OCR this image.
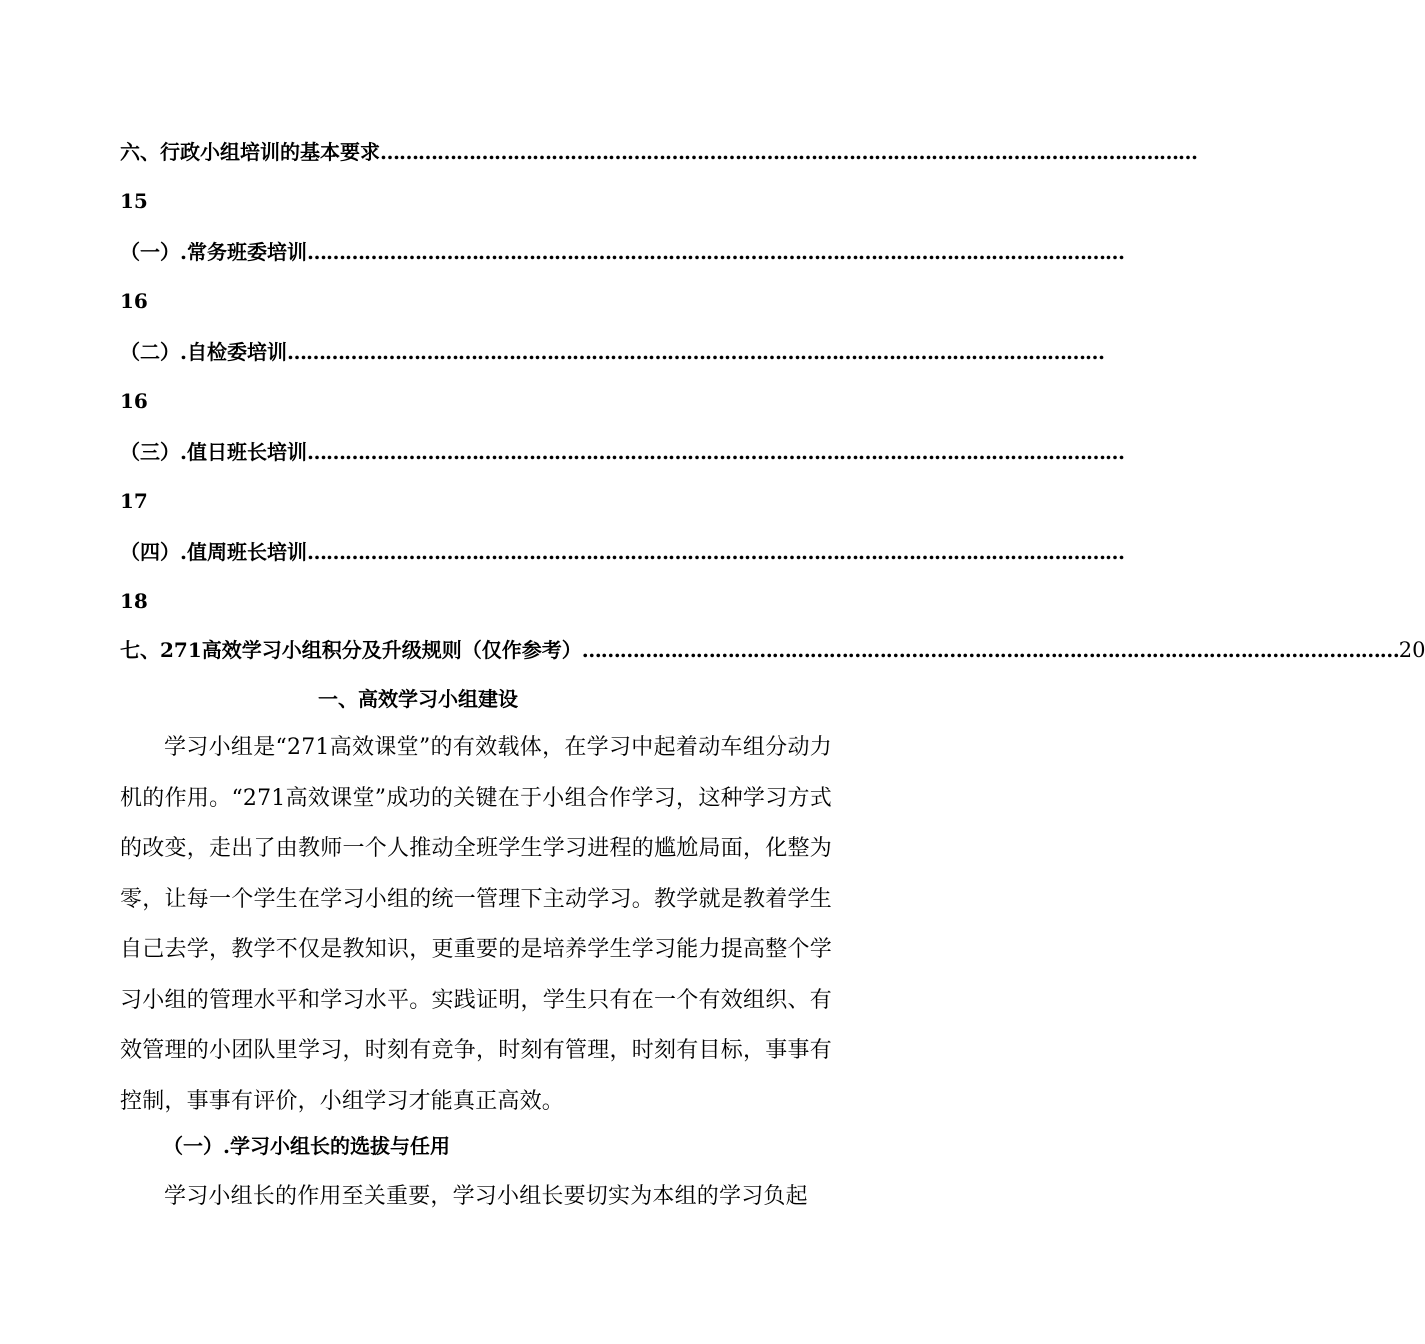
六、行政小组培训的基本要求 …………………………………………………………………………………………………………………
15
（一）.常务班委培训 …………………………………………………………………………………………………………………
16
（二）.自检委培训 …………………………………………………………………………………………………………………
16
（三）.值日班长培训 …………………………………………………………………………………………………………………
17
（四）.值周班长培训 …………………………………………………………………………………………………………………
18
七、271高效学习小组积分及升级规则（仅作参考） ………………………………………………………………………………………………………………… 20
一、高效学习小组建设

学习小组是“271高效课堂”的有效载体，在学习中起着动车组分动力机的作用。“271高效课堂”成功的关键在于小组合作学习，这种学习方式的改变，走出了由教师一个人推动全班学生学习进程的尴尬局面，化整为零，让每一个学生在学习小组的统一管理下主动学习。教学就是教着学生自己去学，教学不仅是教知识，更重要的是培养学生学习能力提高整个学习小组的管理水平和学习水平。实践证明，学生只有在一个有效组织、有效管理的小团队里学习，时刻有竞争，时刻有管理，时刻有目标，事事有控制，事事有评价，小组学习才能真正高效。

（一）.学习小组长的选拔与任用

学习小组长的作用至关重要，学习小组长要切实为本组的学习负起
